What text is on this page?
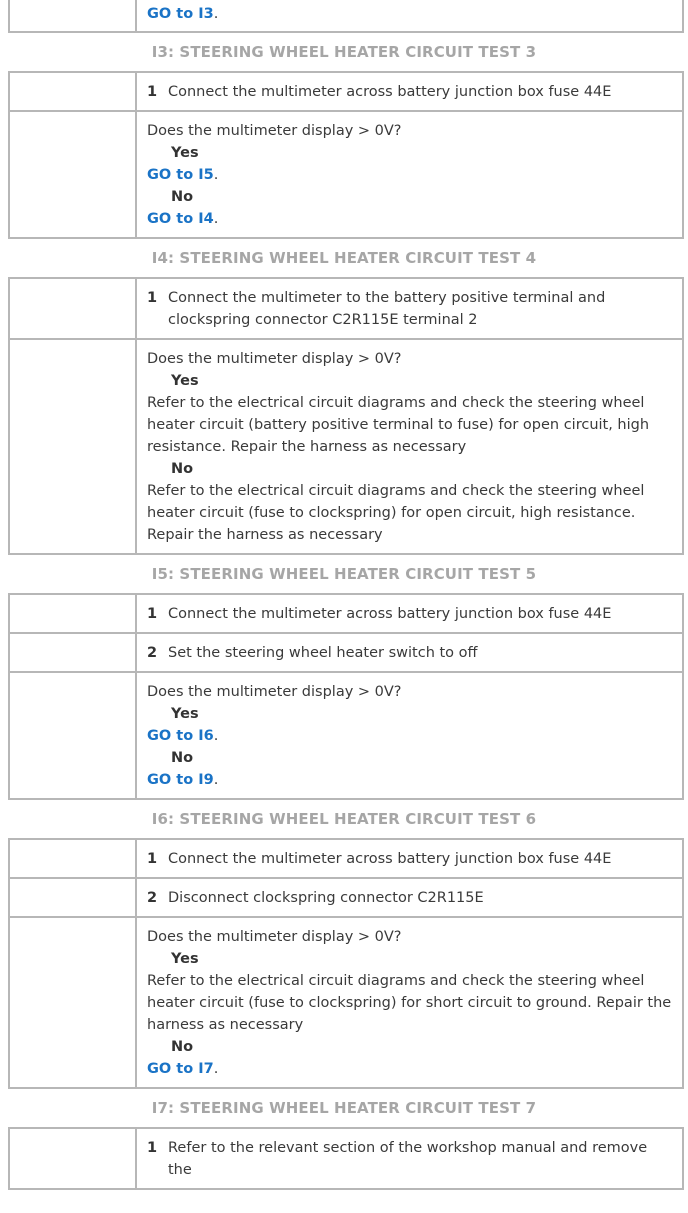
	GO to I3.
I3: STEERING WHEEL HEATER CIRCUIT TEST 3

	1 Connect the multimeter across battery junction box fuse 44E

	Does the multimeter display > 0V?
Yes
GO to I5.
No
GO to I4.
I4: STEERING WHEEL HEATER CIRCUIT TEST 4

	1 Connect the multimeter to the battery positive terminal and clockspring connector C2R115E terminal 2

	Does the multimeter display > 0V?
Yes
Refer to the electrical circuit diagrams and check the steering wheel heater circuit (battery positive terminal to fuse) for open circuit, high resistance. Repair the harness as necessary
No
Refer to the electrical circuit diagrams and check the steering wheel heater circuit (fuse to clockspring) for open circuit, high resistance. Repair the harness as necessary
I5: STEERING WHEEL HEATER CIRCUIT TEST 5

	1 Connect the multimeter across battery junction box fuse 44E

	2 Set the steering wheel heater switch to off

	Does the multimeter display > 0V?
Yes
GO to I6.
No
GO to I9.
I6: STEERING WHEEL HEATER CIRCUIT TEST 6

	1 Connect the multimeter across battery junction box fuse 44E

	2 Disconnect clockspring connector C2R115E

	Does the multimeter display > 0V?
Yes
Refer to the electrical circuit diagrams and check the steering wheel heater circuit (fuse to clockspring) for short circuit to ground. Repair the harness as necessary
No
GO to I7.
I7: STEERING WHEEL HEATER CIRCUIT TEST 7

1 Refer to the relevant section of the workshop manual and remove the
